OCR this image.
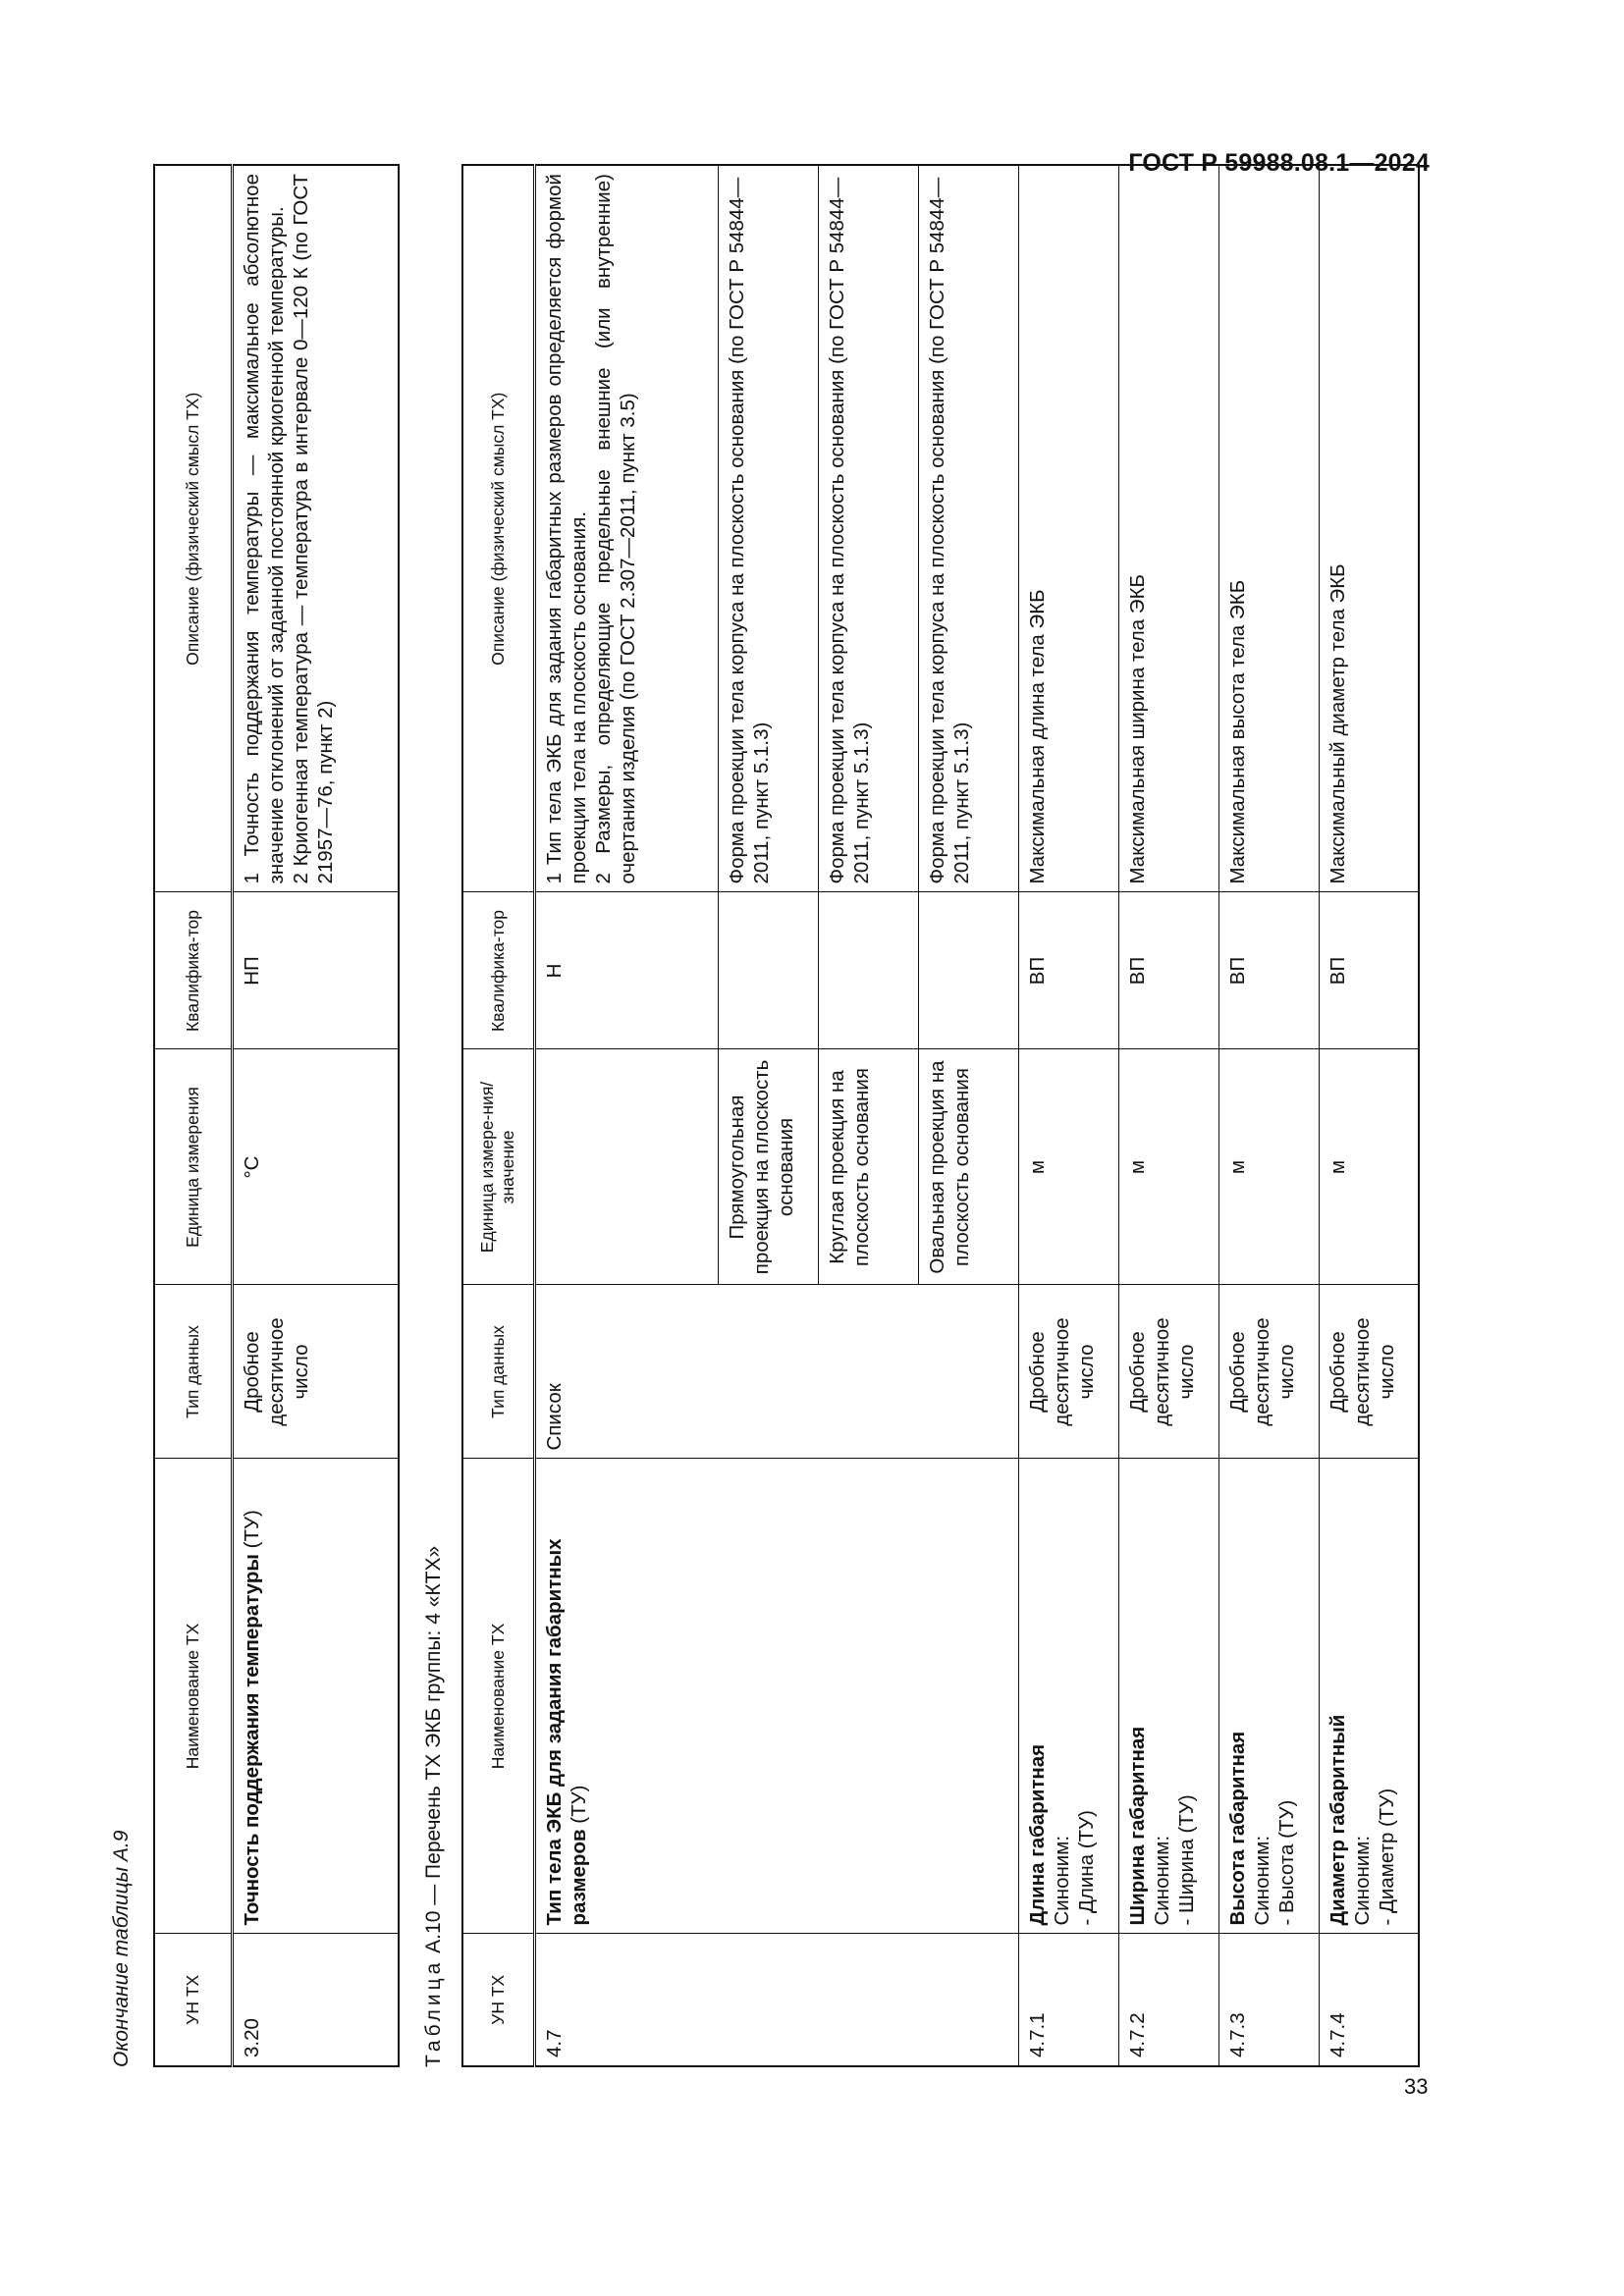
ГОСТ Р 59988.08.1—2024
33
Окончание таблицы А.9	УН ТХ	Наименование ТХ	Тип данных	Единица измерения	Квалифика-тор	Описание (физический смысл ТХ)
3.20	Точность поддержания температуры (ТУ)	Дробное десятичное число	°C	НП	1 Точность поддержания температуры — максимальное абсолютное значение отклонений от заданной постоянной криогенной температуры. 2 Криогенная температура — температура в интервале 0—120 К (по ГОСТ 21957—76, пункт 2)
Таблица А.10 — Перечень ТХ ЭКБ группы: 4 «КТХ»
УН ТХ	Наименование ТХ	Тип данных	Единица измере-ния/значение	Квалифика-тор	Описание (физический смысл ТХ)
4.7	Тип тела ЭКБ для задания габаритных размеров (ТУ)	Список		Н	1 Тип тела ЭКБ для задания габаритных размеров определяется формой проекции тела на плоскость основания. 2 Размеры, определяющие предельные внешние (или внутренние) очертания изделия (по ГОСТ 2.307—2011, пункт 3.5)

			Прямоугольная проекция на плоскость основания		Форма проекции тела корпуса на плоскость основания (по ГОСТ Р 54844—2011, пункт 5.1.3)
			Круглая проекция на плоскость основания		Форма проекции тела корпуса на плоскость основания (по ГОСТ Р 54844—2011, пункт 5.1.3)
			Овальная проекция на плоскость основания		Форма проекции тела корпуса на плоскость основания (по ГОСТ Р 54844—2011, пункт 5.1.3)
4.7.1	Длина габаритная Синоним: - Длина (ТУ)	Дробное десятичное число	м	ВП	Максимальная длина тела ЭКБ
4.7.2	Ширина габаритная Синоним: - Ширина (ТУ)	Дробное десятичное число	м	ВП	Максимальная ширина тела ЭКБ
4.7.3	Высота габаритная Синоним: - Высота (ТУ)	Дробное десятичное число	м	ВП	Максимальная высота тела ЭКБ
4.7.4	Диаметр габаритный Синоним: - Диаметр (ТУ)	Дробное десятичное число	м	ВП	Максимальный диаметр тела ЭКБ
